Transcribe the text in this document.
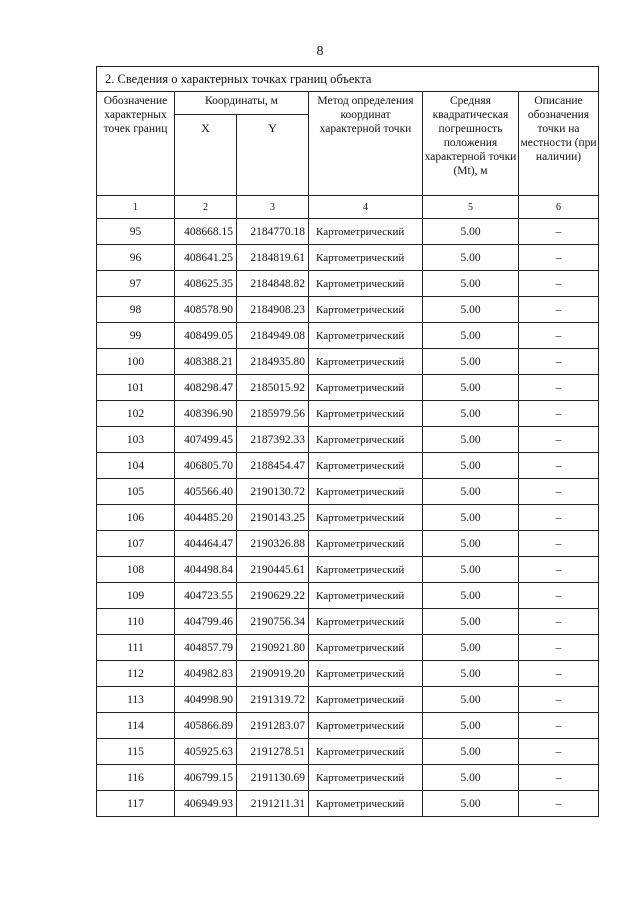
8
2. Сведения о характерных точках границ объекта					
Обозначение характерных точек границ	Координаты, м		Метод определения координат характерной точки	Средняя квадратическая погрешность положения характерной точки (Mt), м	Описание обозначения точки на местности (при наличии)
	X	Y			
1	2	3	4	5	6
95	408668.15	2184770.18	Картометрический	5.00	–
96	408641.25	2184819.61	Картометрический	5.00	–
97	408625.35	2184848.82	Картометрический	5.00	–
98	408578.90	2184908.23	Картометрический	5.00	–
99	408499.05	2184949.08	Картометрический	5.00	–
100	408388.21	2184935.80	Картометрический	5.00	–
101	408298.47	2185015.92	Картометрический	5.00	–
102	408396.90	2185979.56	Картометрический	5.00	–
103	407499.45	2187392.33	Картометрический	5.00	–
104	406805.70	2188454.47	Картометрический	5.00	–
105	405566.40	2190130.72	Картометрический	5.00	–
106	404485.20	2190143.25	Картометрический	5.00	–
107	404464.47	2190326.88	Картометрический	5.00	–
108	404498.84	2190445.61	Картометрический	5.00	–
109	404723.55	2190629.22	Картометрический	5.00	–
110	404799.46	2190756.34	Картометрический	5.00	–
111	404857.79	2190921.80	Картометрический	5.00	–
112	404982.83	2190919.20	Картометрический	5.00	–
113	404998.90	2191319.72	Картометрический	5.00	–
114	405866.89	2191283.07	Картометрический	5.00	–
115	405925.63	2191278.51	Картометрический	5.00	–
116	406799.15	2191130.69	Картометрический	5.00	–
117	406949.93	2191211.31	Картометрический	5.00	–
